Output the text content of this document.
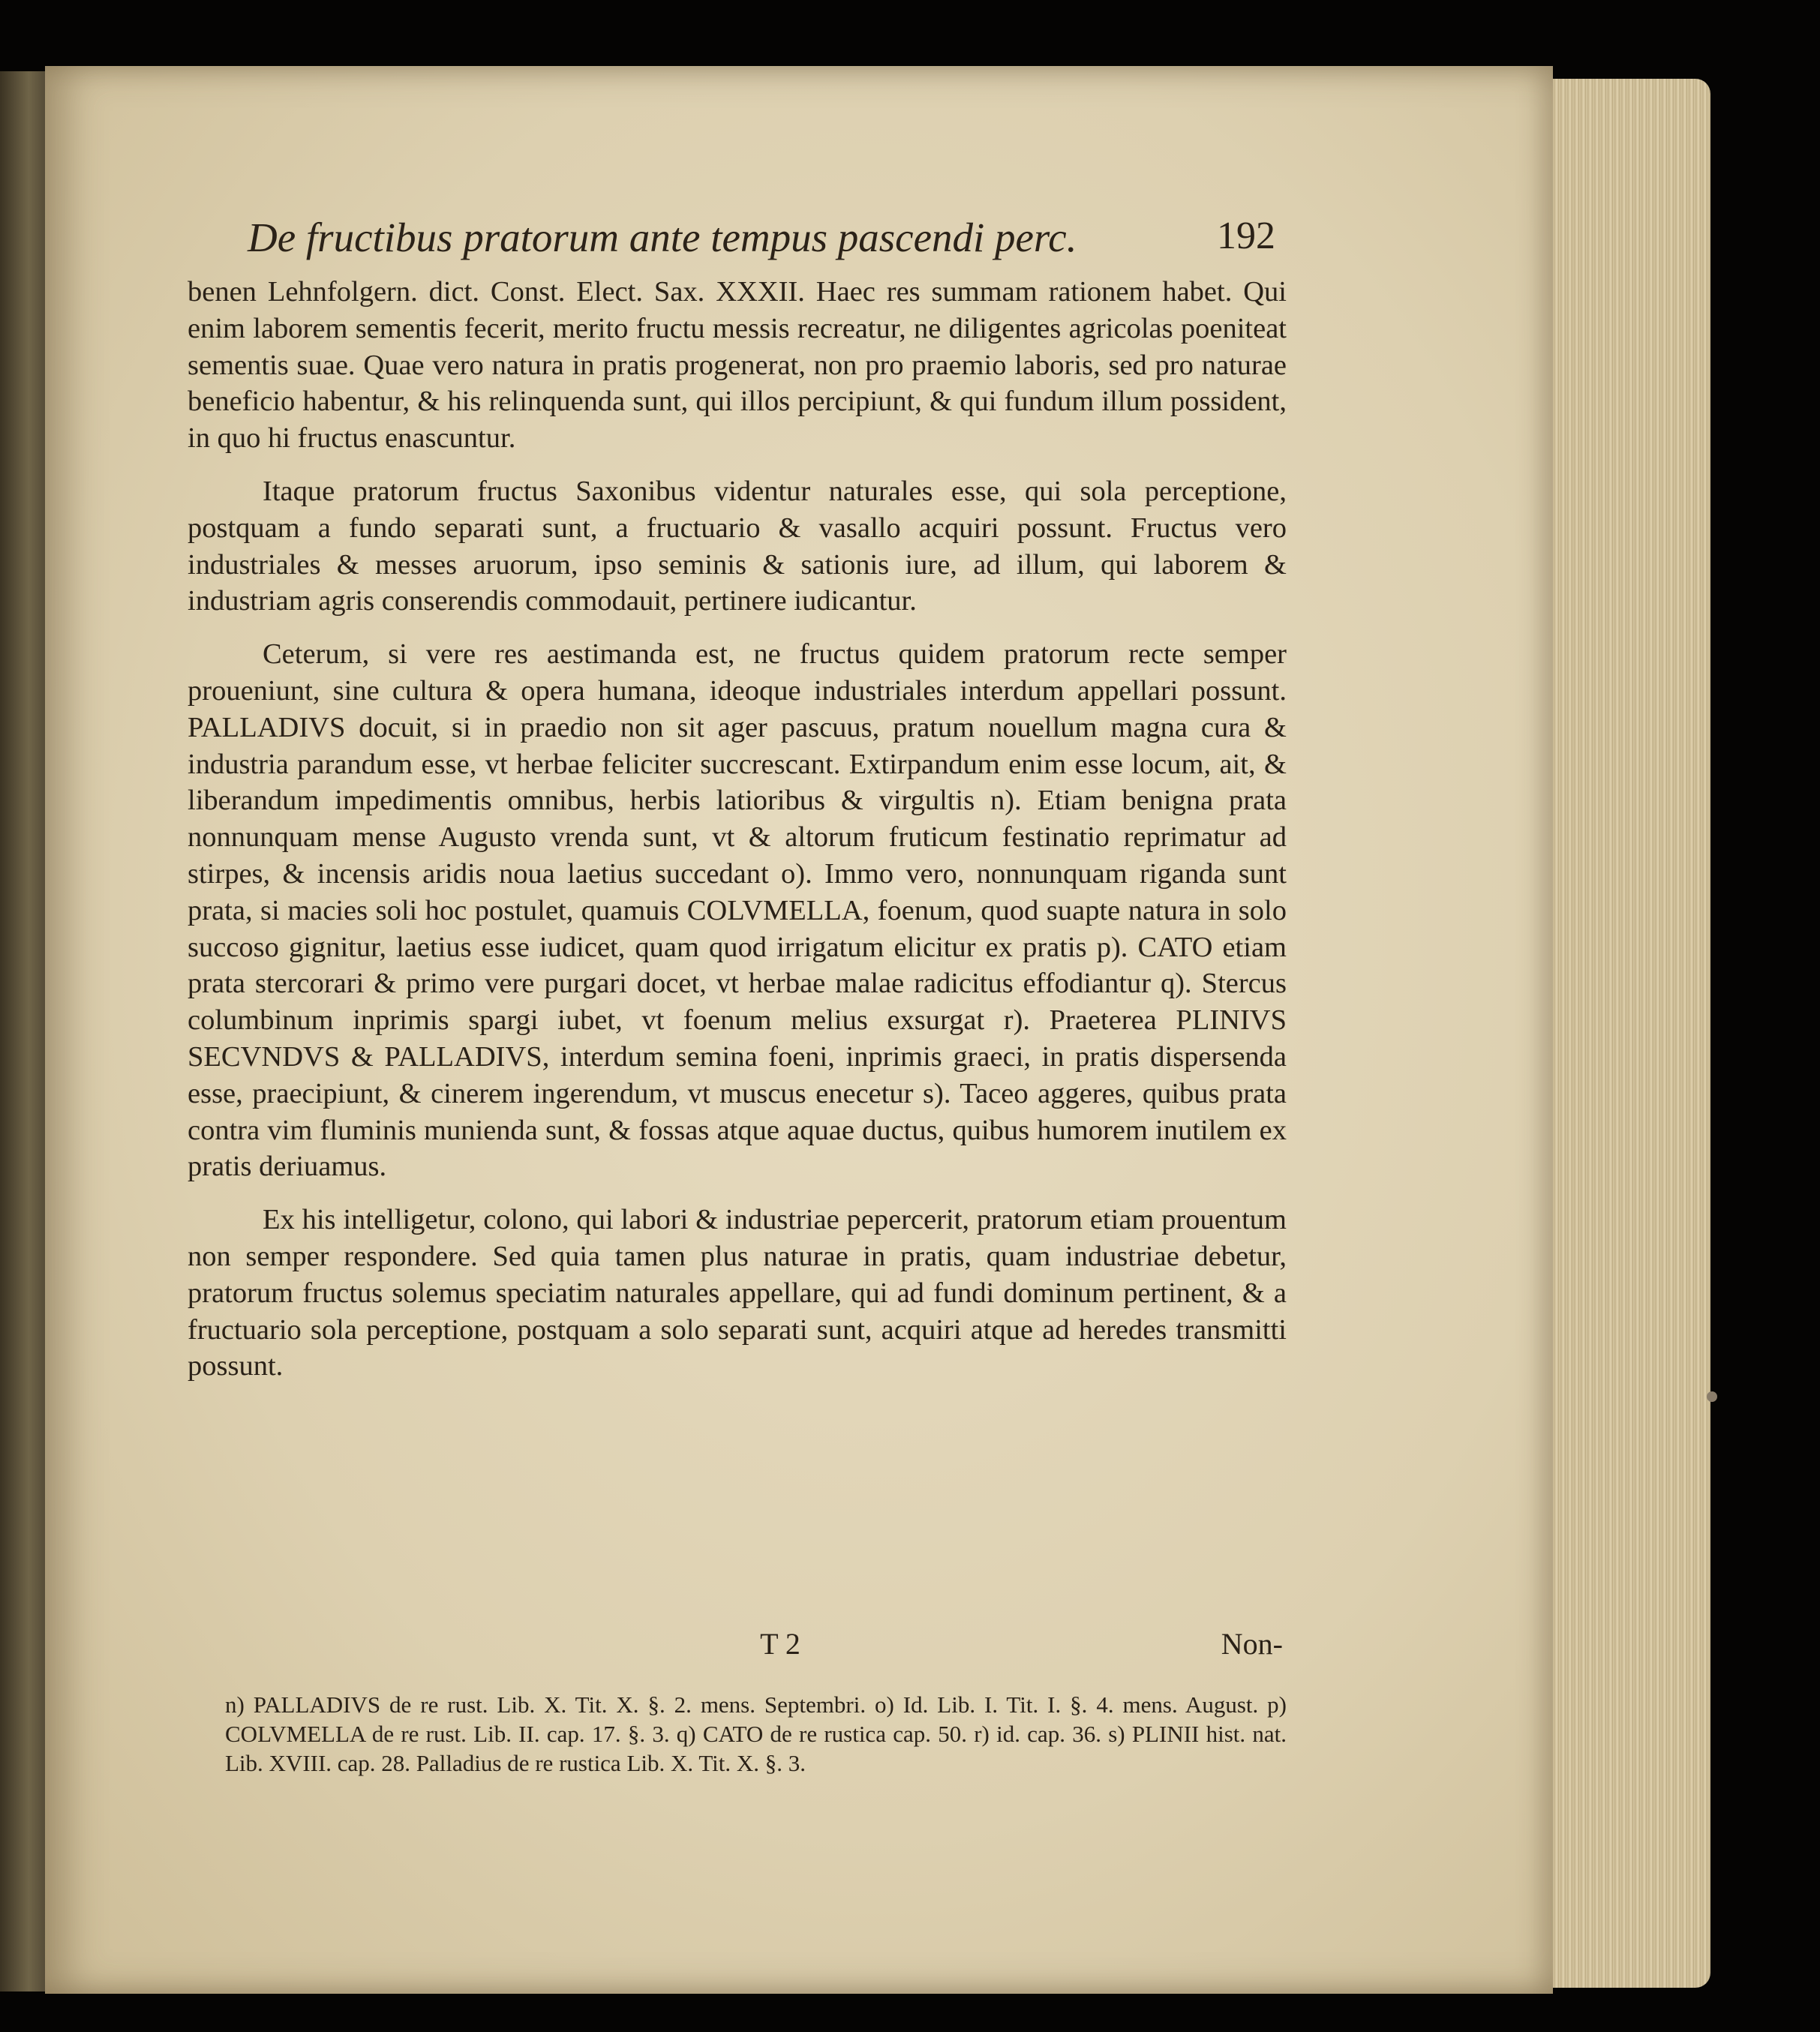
De fructibus pratorum ante tempus pascendi perc.	192

benen Lehnfolgern. dict. Const. Elect. Sax. XXXII. Haec res summam rationem habet. Qui enim laborem sementis fecerit, merito fructu messis recreatur, ne diligentes agricolas poeniteat sementis suae. Quae vero natura in pratis progenerat, non pro praemio laboris, sed pro naturae beneficio habentur, & his relinquenda sunt, qui illos percipiunt, & qui fundum illum possident, in quo hi fructus enascuntur.

Itaque pratorum fructus Saxonibus videntur naturales esse, qui sola perceptione, postquam a fundo separati sunt, a fructuario & vasallo acquiri possunt. Fructus vero industriales & messes aruorum, ipso seminis & sationis iure, ad illum, qui laborem & industriam agris conserendis commodauit, pertinere iudicantur.

Ceterum, si vere res aestimanda est, ne fructus quidem pratorum recte semper proueniunt, sine cultura & opera humana, ideoque industriales interdum appellari possunt. PALLADIVS docuit, si in praedio non sit ager pascuus, pratum nouellum magna cura & industria parandum esse, vt herbae feliciter succrescant. Extirpandum enim esse locum, ait, & liberandum impedimentis omnibus, herbis latioribus & virgultis n). Etiam benigna prata nonnunquam mense Augusto vrenda sunt, vt & altorum fruticum festinatio reprimatur ad stirpes, & incensis aridis noua laetius succedant o). Immo vero, nonnunquam riganda sunt prata, si macies soli hoc postulet, quamuis COLVMELLA, foenum, quod suapte natura in solo succoso gignitur, laetius esse iudicet, quam quod irrigatum elicitur ex pratis p). CATO etiam prata stercorari & primo vere purgari docet, vt herbae malae radicitus effodiantur q). Stercus columbinum inprimis spargi iubet, vt foenum melius exsurgat r). Praeterea PLINIVS SECVNDVS & PALLADIVS, interdum semina foeni, inprimis graeci, in pratis dispersenda esse, praecipiunt, & cinerem ingerendum, vt muscus enecetur s). Taceo aggeres, quibus prata contra vim fluminis munienda sunt, & fossas atque aquae ductus, quibus humorem inutilem ex pratis deriuamus.

Ex his intelligetur, colono, qui labori & industriae pepercerit, pratorum etiam prouentum non semper respondere. Sed quia tamen plus naturae in pratis, quam industriae debetur, pratorum fructus solemus speciatim naturales appellare, qui ad fundi dominum pertinent, & a fructuario sola perceptione, postquam a solo separati sunt, acquiri atque ad heredes transmitti possunt.

T 2	Non-

n) PALLADIVS de re rust. Lib. X. Tit. X. §. 2. mens. Septembri. o) Id. Lib. I. Tit. I. §. 4. mens. August. p) COLVMELLA de re rust. Lib. II. cap. 17. §. 3. q) CATO de re rustica cap. 50. r) id. cap. 36. s) PLINII hist. nat. Lib. XVIII. cap. 28. Palladius de re rustica Lib. X. Tit. X. §. 3.
